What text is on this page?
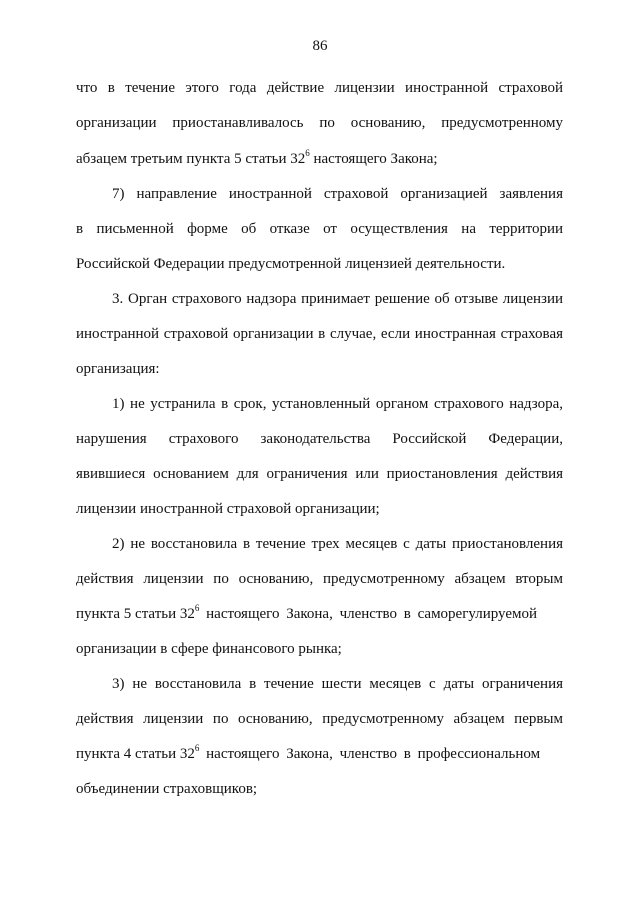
86
что в течение этого года действие лицензии иностранной страховой
организации приостанавливалось по основанию, предусмотренному
абзацем третьим пункта 5 статьи $32^6$ настоящего Закона;
7) направление иностранной страховой организацией заявления
в письменной форме об отказе от осуществления на территории
Российской Федерации предусмотренной лицензией деятельности.
3. Орган страхового надзора принимает решение об отзыве лицензии
иностранной страховой организации в случае, если иностранная страховая
организация:
1) не устранила в срок, установленный органом страхового надзора,
нарушения страхового законодательства Российской Федерации,
явившиеся основанием для ограничения или приостановления действия
лицензии иностранной страховой организации;
2) не восстановила в течение трех месяцев с даты приостановления
действия лицензии по основанию, предусмотренному абзацем вторым
пункта 5 статьи $32^6$ настоящего Закона, членство в саморегулируемой
организации в сфере финансового рынка;
3) не восстановила в течение шести месяцев с даты ограничения
действия лицензии по основанию, предусмотренному абзацем первым
пункта 4 статьи $32^6$ настоящего Закона, членство в профессиональном
объединении страховщиков;
